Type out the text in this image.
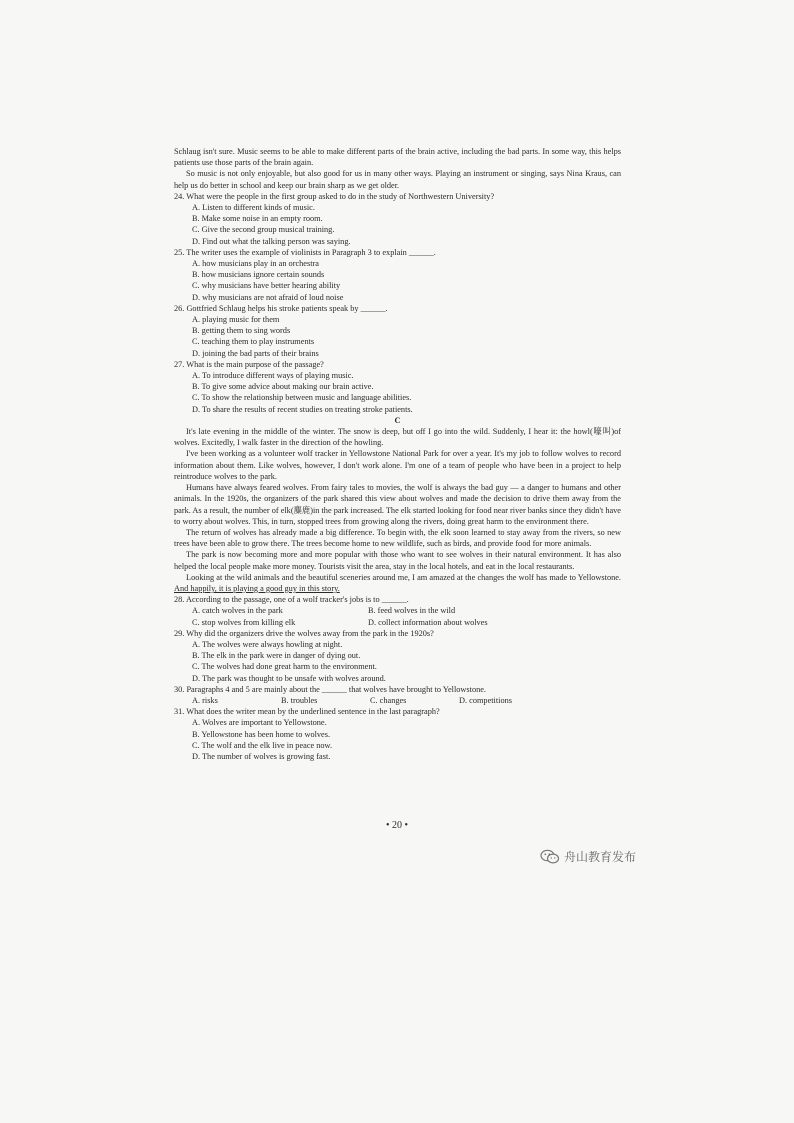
Schlaug isn't sure. Music seems to be able to make different parts of the brain active, including the bad parts. In some way, this helps patients use those parts of the brain again.
So music is not only enjoyable, but also good for us in many other ways. Playing an instrument or singing, says Nina Kraus, can help us do better in school and keep our brain sharp as we get older.
24. What were the people in the first group asked to do in the study of Northwestern University?
A. Listen to different kinds of music.
B. Make some noise in an empty room.
C. Give the second group musical training.
D. Find out what the talking person was saying.
25. The writer uses the example of violinists in Paragraph 3 to explain ______.
A. how musicians play in an orchestra
B. how musicians ignore certain sounds
C. why musicians have better hearing ability
D. why musicians are not afraid of loud noise
26. Gottfried Schlaug helps his stroke patients speak by ______.
A. playing music for them
B. getting them to sing words
C. teaching them to play instruments
D. joining the bad parts of their brains
27. What is the main purpose of the passage?
A. To introduce different ways of playing music.
B. To give some advice about making our brain active.
C. To show the relationship between music and language abilities.
D. To share the results of recent studies on treating stroke patients.
C
It's late evening in the middle of the winter. The snow is deep, but off I go into the wild. Suddenly, I hear it: the howl(嚎叫)of wolves. Excitedly, I walk faster in the direction of the howling.
I've been working as a volunteer wolf tracker in Yellowstone National Park for over a year. It's my job to follow wolves to record information about them. Like wolves, however, I don't work alone. I'm one of a team of people who have been in a project to help reintroduce wolves to the park.
Humans have always feared wolves. From fairy tales to movies, the wolf is always the bad guy — a danger to humans and other animals. In the 1920s, the organizers of the park shared this view about wolves and made the decision to drive them away from the park. As a result, the number of elk(麋鹿)in the park increased. The elk started looking for food near river banks since they didn't have to worry about wolves. This, in turn, stopped trees from growing along the rivers, doing great harm to the environment there.
The return of wolves has already made a big difference. To begin with, the elk soon learned to stay away from the rivers, so new trees have been able to grow there. The trees become home to new wildlife, such as birds, and provide food for more animals.
The park is now becoming more and more popular with those who want to see wolves in their natural environment. It has also helped the local people make more money. Tourists visit the area, stay in the local hotels, and eat in the local restaurants.
Looking at the wild animals and the beautiful sceneries around me, I am amazed at the changes the wolf has made to Yellowstone. And happily, it is playing a good guy in this story.
28. According to the passage, one of a wolf tracker's jobs is to ______.
A. catch wolves in the park	B. feed wolves in the wild
C. stop wolves from killing elk	D. collect information about wolves
29. Why did the organizers drive the wolves away from the park in the 1920s?
A. The wolves were always howling at night.
B. The elk in the park were in danger of dying out.
C. The wolves had done great harm to the environment.
D. The park was thought to be unsafe with wolves around.
30. Paragraphs 4 and 5 are mainly about the ______ that wolves have brought to Yellowstone.
A. risks	B. troubles	C. changes	D. competitions
31. What does the writer mean by the underlined sentence in the last paragraph?
A. Wolves are important to Yellowstone.
B. Yellowstone has been home to wolves.
C. The wolf and the elk live in peace now.
D. The number of wolves is growing fast.
• 20 •
舟山教育发布
